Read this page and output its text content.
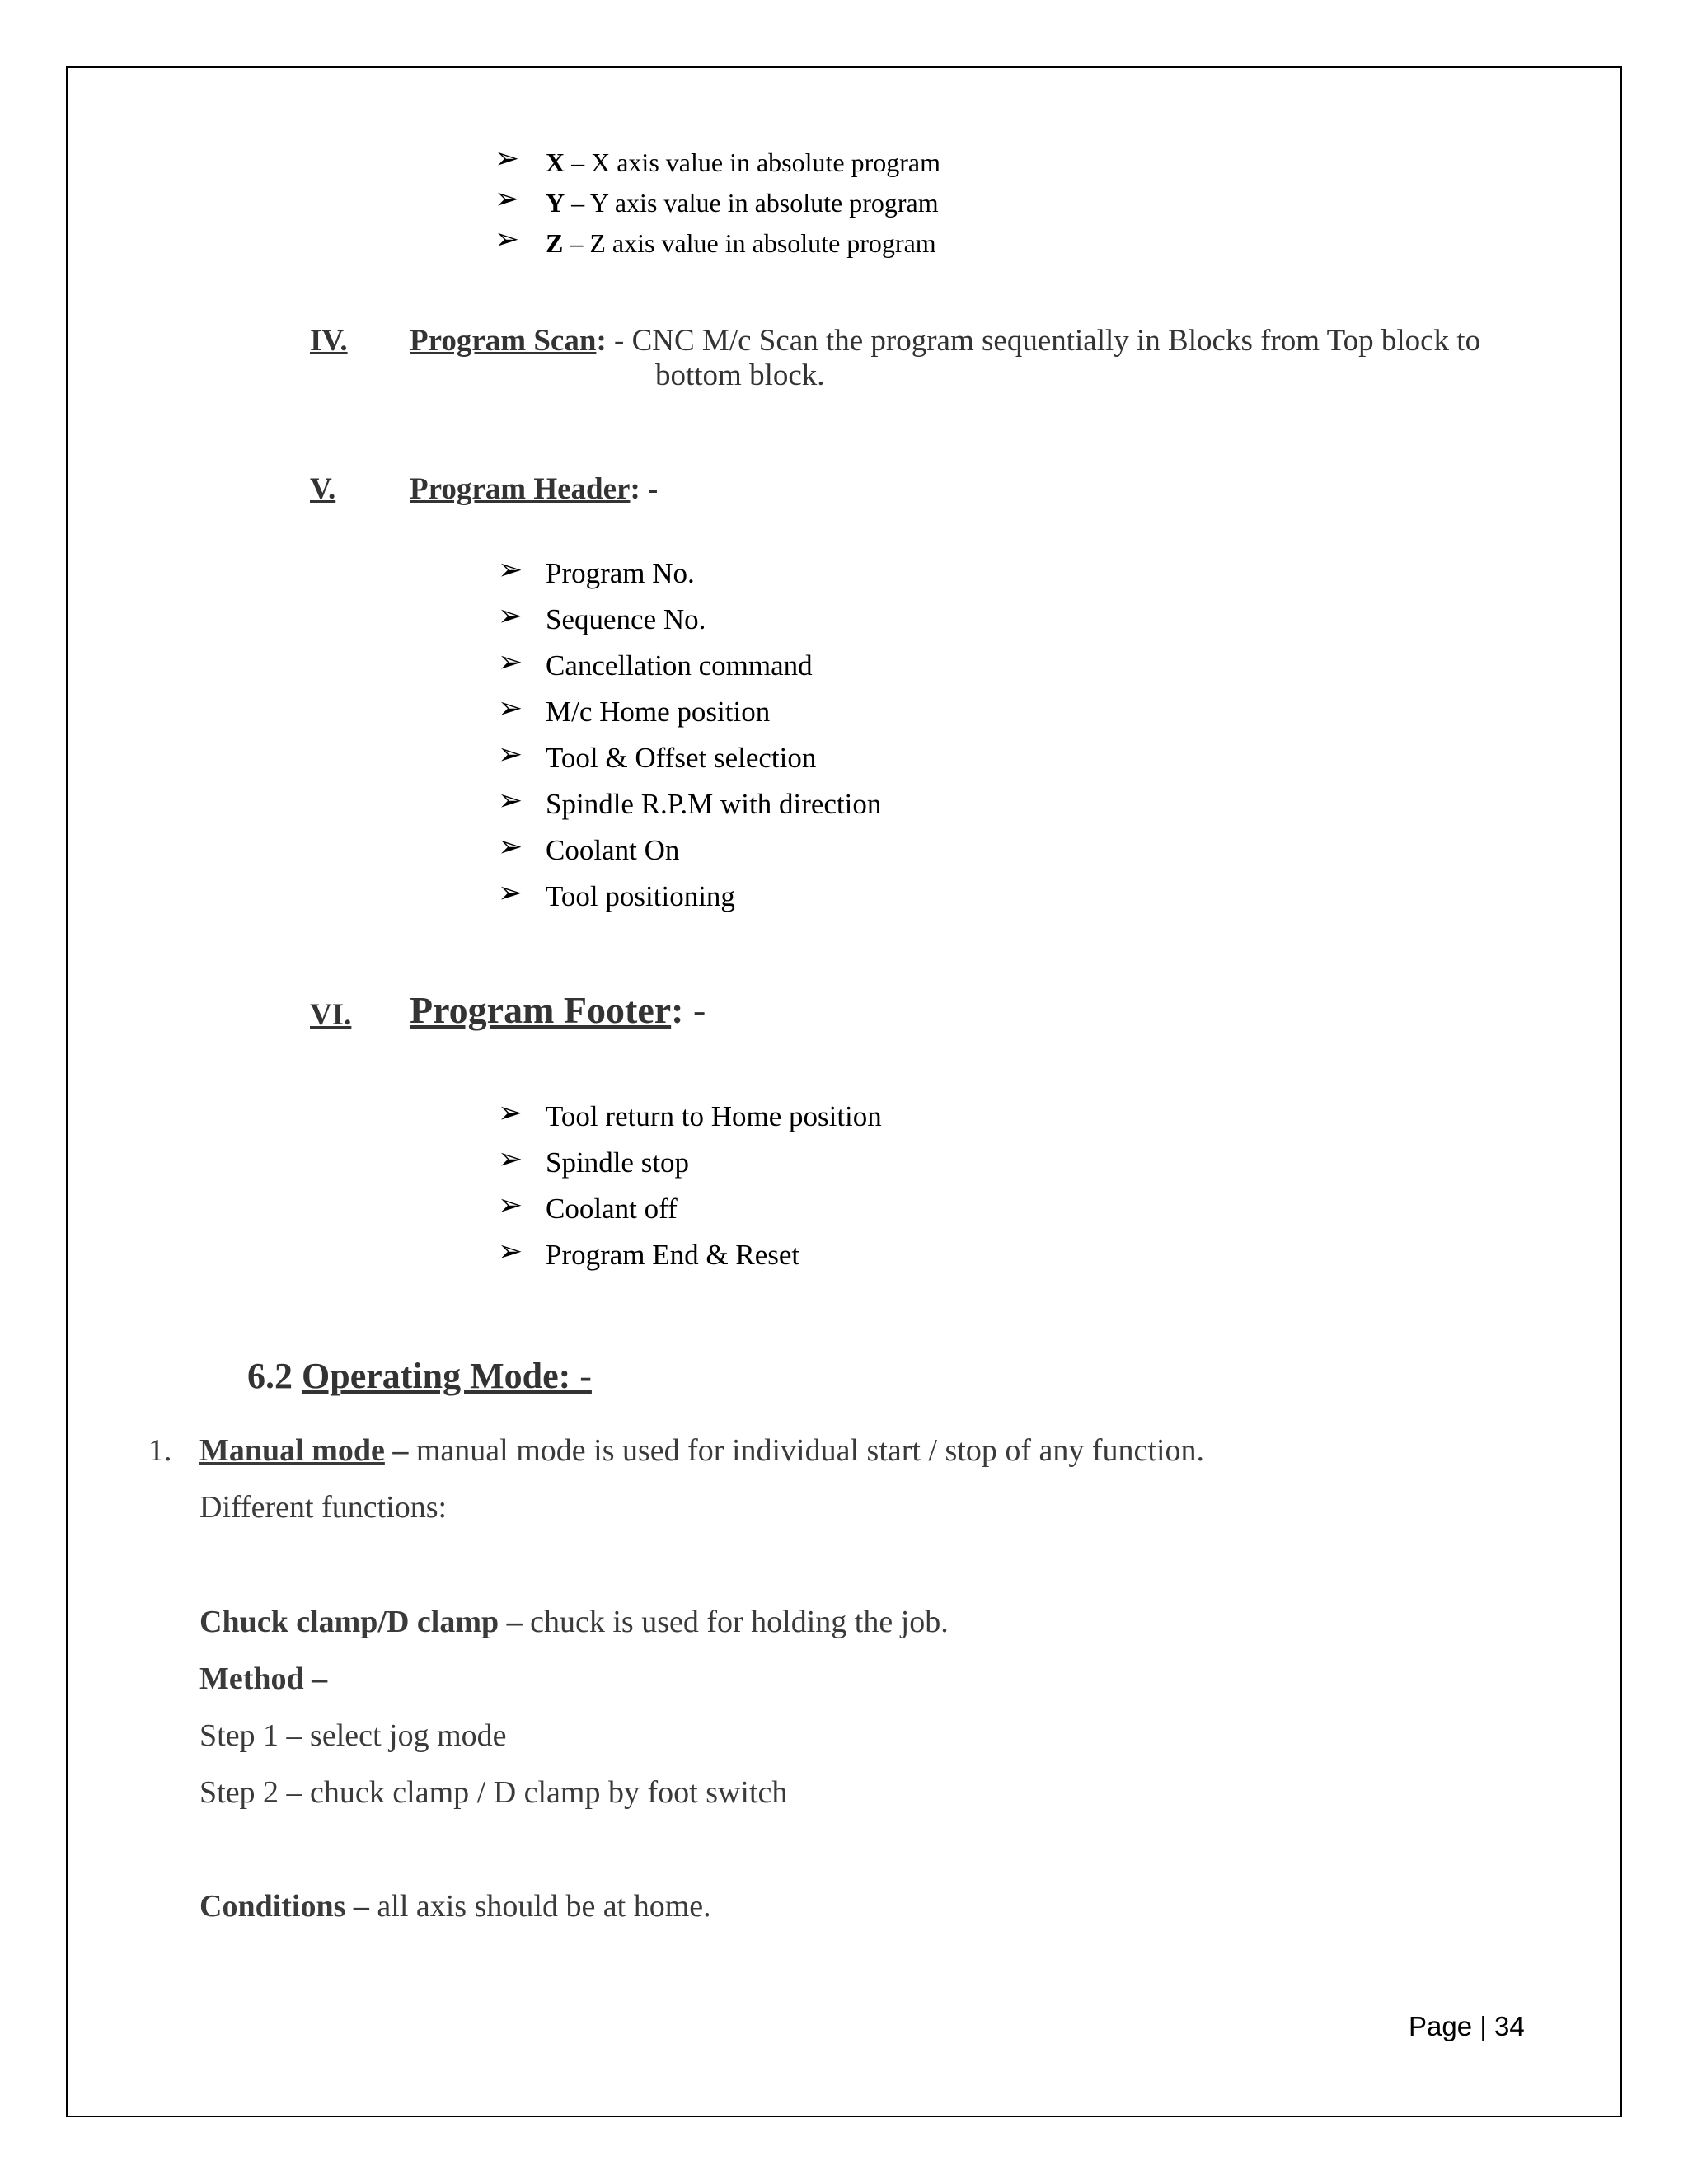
➢ X – X axis value in absolute program
➢ Y – Y axis value in absolute program
➢ Z – Z axis value in absolute program
IV. Program Scan: - CNC M/c Scan the program sequentially in Blocks from Top block to
bottom block.
V. Program Header: -
➢ Program No.
➢ Sequence No.
➢ Cancellation command
➢ M/c Home position
➢ Tool & Offset selection
➢ Spindle R.P.M with direction
➢ Coolant On
➢ Tool positioning
VI. Program Footer: -
➢ Tool return to Home position
➢ Spindle stop
➢ Coolant off
➢ Program End & Reset
6.2 Operating Mode: -
1. Manual mode – manual mode is used for individual start / stop of any function.
Different functions:
Chuck clamp/D clamp – chuck is used for holding the job.
Method –
Step 1 – select jog mode
Step 2 – chuck clamp / D clamp by foot switch
Conditions – all axis should be at home.
Page | 34
